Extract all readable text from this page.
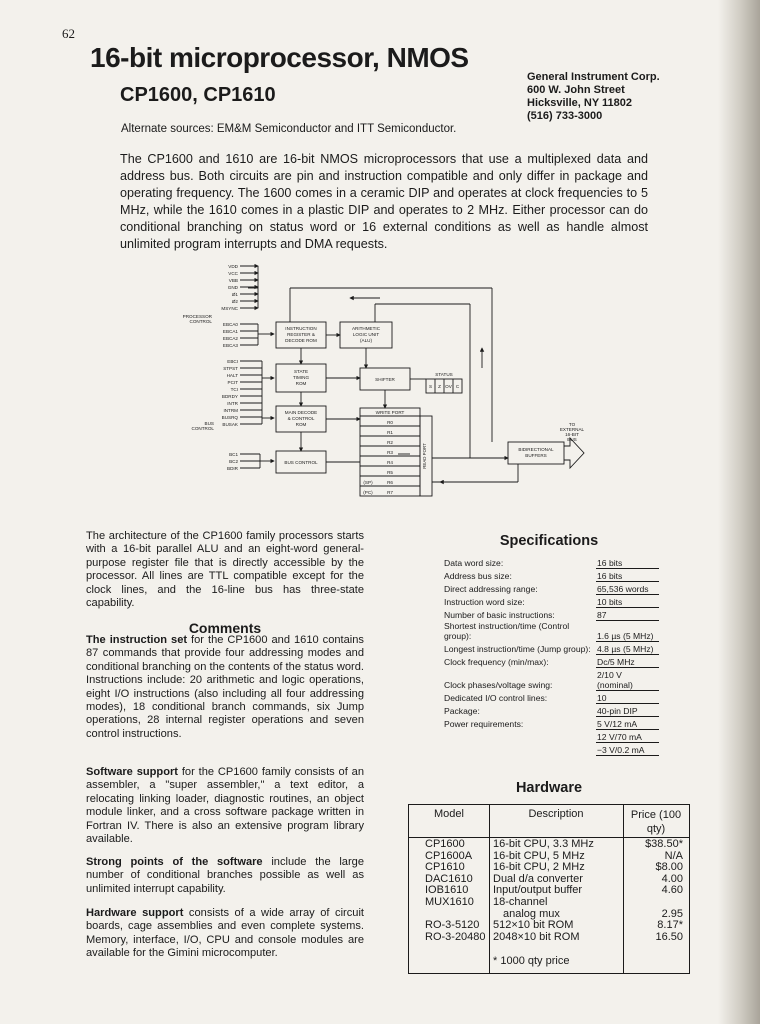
62
16-bit microprocessor, NMOS
CP1600, CP1610
General Instrument Corp.
600 W. John Street
Hicksville, NY 11802
(516) 733-3000
Alternate sources: EM&M Semiconductor and ITT Semiconductor.
The CP1600 and 1610 are 16-bit NMOS microprocessors that use a multiplexed data and address bus. Both circuits are pin and instruction compatible and only differ in package and operating frequency. The 1600 comes in a ceramic DIP and operates at clock frequencies to 5 MHz, while the 1610 comes in a plastic DIP and operates to 2 MHz. Either processor can do conditional branching on status word or 16 external conditions as well as handle almost unlimited program interrupts and DMA requests.
VDD
VCC
VBB
GND
Ø1
Ø2
MSYNC
PROCESSOR
CONTROL
EBCA0
EBCA1
EBCA2
EBCA3
EBCI
STPST
HALT
PCIT
TCI
BDRDY
INTR
INTRM
BUSRQ
BUSAK
BUS
CONTROL
BC1
BC2
BDIR
INSTRUCTION
REGISTER &
DECODE ROM
ARITHMETIC
LOGIC UNIT
(ALU)
STATE
TIMING
ROM
SHIFTER
STATUS
S Z OV C
MAIN DECODE
& CONTROL
ROM
WRITE PORT
BUS CONTROL
BIDIRECTIONAL
BUFFERS
TO
EXTERNAL
16-BIT
BUS
READ PORT
R0
R1
R2
R3
R4
R5
R6
R7
(SP)
(PC)
The architecture of the CP1600 family processors starts with a 16-bit parallel ALU and an eight-word general-purpose register file that is directly accessible by the processor. All lines are TTL compatible except for the clock lines, and the 16-line bus has three-state capability.
Comments
The instruction set for the CP1600 and 1610 contains 87 commands that provide four addressing modes and conditional branching on the contents of the status word. Instructions include: 20 arithmetic and logic operations, eight I/O instructions (also including all four addressing modes), 18 conditional branch commands, six Jump operations, 28 internal register operations and seven control instructions.
Software support for the CP1600 family consists of an assembler, a "super assembler," a text editor, a relocating linking loader, diagnostic routines, an object module linker, and a cross software package written in Fortran IV. There is also an extensive program library available.
Strong points of the software include the large number of conditional branches possible as well as unlimited interrupt capability.
Hardware support consists of a wide array of circuit boards, cage assemblies and even complete systems. Memory, interface, I/O, CPU and console modules are available for the Gimini microcomputer.
Specifications
Data word size:	16 bits
Address bus size:	16 bits
Direct addressing range:	65,536 words
Instruction word size:	10 bits
Number of basic instructions:	87
Shortest instruction/time (Control group):	1.6 µs (5 MHz)
Longest instruction/time (Jump group):	4.8 µs (5 MHz)
Clock frequency (min/max):	Dc/5 MHz
Clock phases/voltage swing:	2/10 V (nominal)
Dedicated I/O control lines:	10
Package:	40-pin DIP
Power requirements:	5 V/12 mA
	12 V/70 mA
	−3 V/0.2 mA
Hardware
Model	Description	Price (100 qty)
CP1600	16-bit CPU, 3.3 MHz	$38.50*
CP1600A 16-bit CPU, 5 MHz	N/A
CP1610	16-bit CPU, 2 MHz	$8.00
DAC1610 Dual d/a converter	4.00
IOB1610 Input/output buffer	4.60
MUX1610 18-channel
analog mux	2.95
RO-3-5120 512×10 bit ROM	8.17*
RO-3-20480 2048×10 bit ROM	16.50
* 1000 qty price
